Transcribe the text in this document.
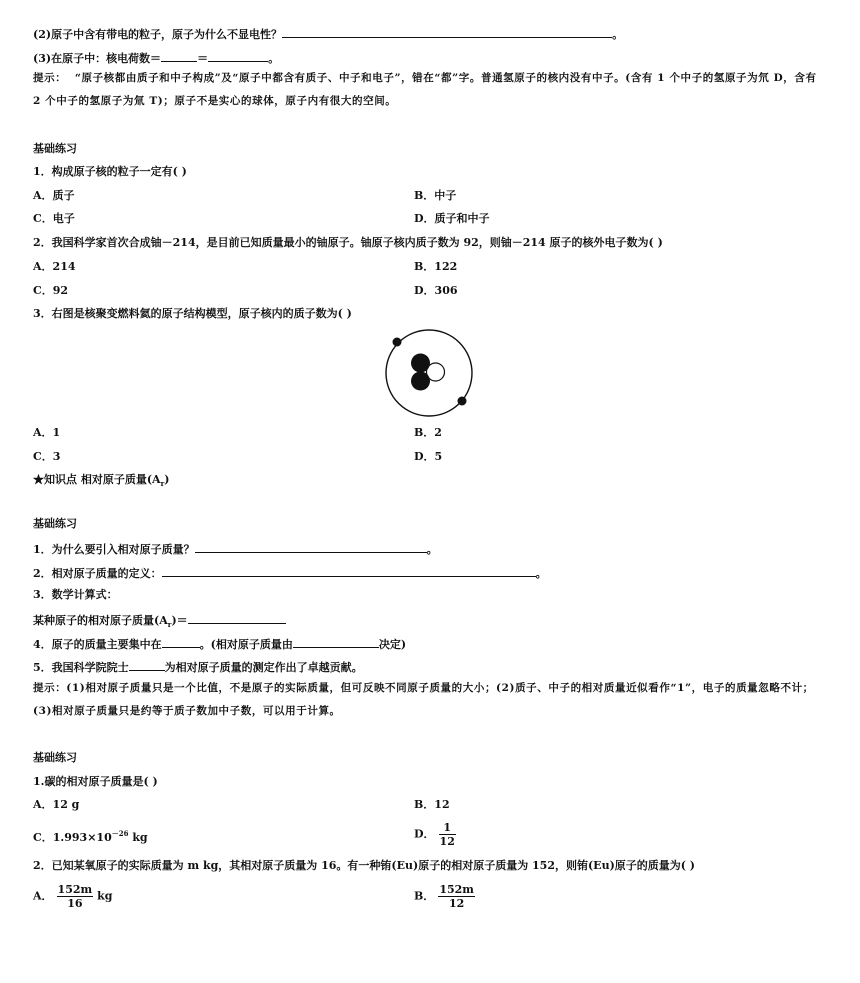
(2)原子中含有带电的粒子，原子为什么不显电性？	。
(3)在原子中：核电荷数＝	＝	。
提示： “原子核都由质子和中子构成”及“原子中都含有质子、中子和电子”，错在“都”字。普通氢原子的核内没有中子。(含有 1 个中子的氢原子为氘 D，含有 2 个中子的氢原子为氚 T)；原子不是实心的球体，原子内有很大的空间。
基础练习
1．构成原子核的粒子一定有( )
A．质子	B．中子
C．电子	D．质子和中子
2．我国科学家首次合成铀－214，是目前已知质量最小的铀原子。铀原子核内质子数为 92，则铀－214 原子的核外电子数为( )
A．214	B．122
C．92	D．306
3．右图是核聚变燃料氦的原子结构模型，原子核内的质子数为( )
A．1	B．2
C．3	D．5
★知识点 相对原子质量$(A_r)$
基础练习
1．为什么要引入相对原子质量？	。
2．相对原子质量的定义：	。
3．数学计算式：
某种原子的相对原子质量$(A_r)=$
4．原子的质量主要集中在	。(相对原子质量由	决定)
5．我国科学院院士	为相对原子质量的测定作出了卓越贡献。
提示：(1)相对原子质量只是一个比值，不是原子的实际质量，但可反映不同原子质量的大小；(2)质子、中子的相对质量近似看作“1”，电子的质量忽略不计；(3)相对原子质量只是约等于质子数加中子数，可以用于计算。
基础练习
1.碳的相对原子质量是( )
A．12 g	B．12
C．$1.993\times 10^{-26}$ kg	D． $\frac{1}{12}$
2．已知某氧原子的实际质量为 m kg，其相对原子质量为 16。有一种铕(Eu)原子的相对原子质量为 152，则铕(Eu)原子的质量为( )
A． $\frac{152m}{16}$ kg	B． $\frac{152m}{12}$
